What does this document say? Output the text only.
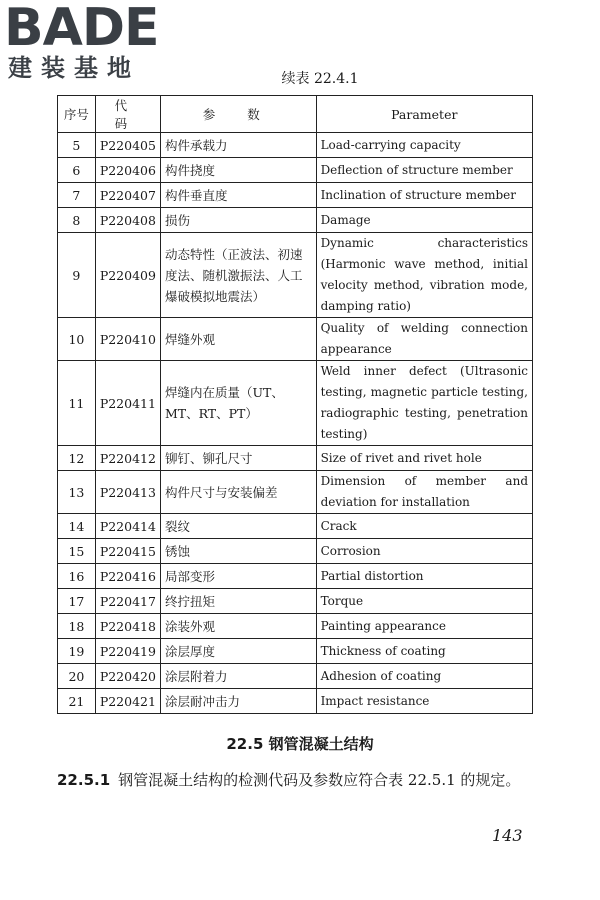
BADE
建装基地	续表 22.4.1
序号	代 码	参 数	Parameter
5	P220405	构件承载力	Load-carrying capacity
6	P220406	构件挠度	Deflection of structure member
7	P220407	构件垂直度	Inclination of structure member
8	P220408	损伤	Damage
9	P220409	动态特性（正波法、初速度法、随机激振法、人工爆破模拟地震法）	Dynamic characteristics (Harmonic wave method, initial velocity method, vibration mode, damping ratio)
10	P220410	焊缝外观	Quality of welding connection appearance
11	P220411	焊缝内在质量（UT、MT、RT、PT）	Weld inner defect (Ultrasonic testing, magnetic particle testing, radiographic testing, penetration testing)
12	P220412	铆钉、铆孔尺寸	Size of rivet and rivet hole
13	P220413	构件尺寸与安装偏差	Dimension of member and deviation for installation
14	P220414	裂纹	Crack
15	P220415	锈蚀	Corrosion
16	P220416	局部变形	Partial distortion
17	P220417	终拧扭矩	Torque
18	P220418	涂装外观	Painting appearance
19	P220419	涂层厚度	Thickness of coating
20	P220420	涂层附着力	Adhesion of coating
21	P220421	涂层耐冲击力	Impact resistance
22.5 钢管混凝土结构
22.5.1 钢管混凝土结构的检测代码及参数应符合表 22.5.1 的规定。
143
